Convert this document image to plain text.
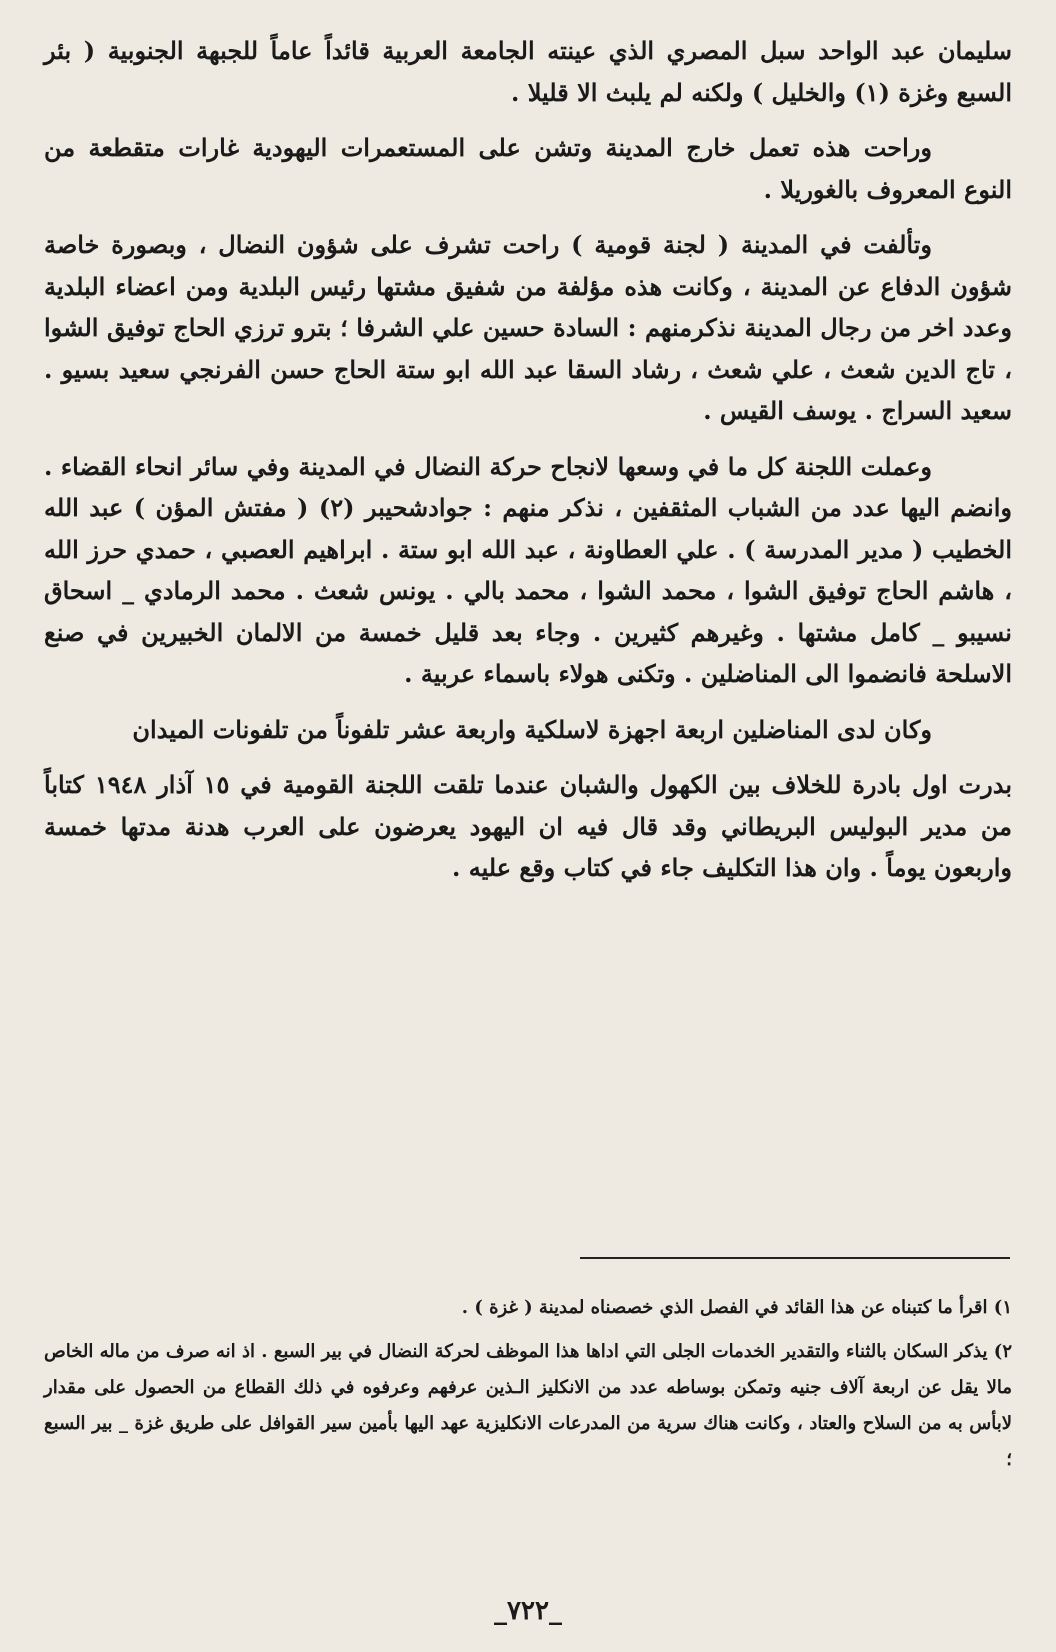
سليمان عبد الواحد سبل المصري الذي عينته الجامعة العربية قائداً عاماً للجبهة الجنوبية ( بئر السبع وغزة (١) والخليل ) ولكنه لم يلبث الا قليلا .

وراحت هذه تعمل خارج المدينة وتشن على المستعمرات اليهودية غارات متقطعة من النوع المعروف بالغوريلا .

وتألفت في المدينة ( لجنة قومية ) راحت تشرف على شؤون النضال ، وبصورة خاصة شؤون الدفاع عن المدينة ، وكانت هذه مؤلفة من شفيق مشتها رئيس البلدية ومن اعضاء البلدية وعدد اخر من رجال المدينة نذكرمنهم : السادة حسين علي الشرفا ؛ بترو ترزي الحاج توفيق الشوا ، تاج الدين شعث ، علي شعث ، رشاد السقا عبد الله ابو ستة الحاج حسن الفرنجي سعيد بسيو . سعيد السراج . يوسف القيس .

وعملت اللجنة كل ما في وسعها لانجاح حركة النضال في المدينة وفي سائر انحاء القضاء . وانضم اليها عدد من الشباب المثقفين ، نذكر منهم : جوادشحيبر (٢) ( مفتش المؤن ) عبد الله الخطيب ( مدير المدرسة ) . علي العطاونة ، عبد الله ابو ستة . ابراهيم العصبي ، حمدي حرز الله ، هاشم الحاج توفيق الشوا ، محمد الشوا ، محمد بالي . يونس شعث . محمد الرمادي _ اسحاق نسيبو _ كامل مشتها . وغيرهم كثيرين . وجاء بعد قليل خمسة من الالمان الخبيرين في صنع الاسلحة فانضموا الى المناضلين . وتكنى هولاء باسماء عربية .

وكان لدى المناضلين اربعة اجهزة لاسلكية واربعة عشر تلفوناً من تلفونات الميدان

بدرت اول بادرة للخلاف بين الكهول والشبان عندما تلقت اللجنة القومية في ١٥ آذار ١٩٤٨ كتاباً من مدير البوليس البريطاني وقد قال فيه ان اليهود يعرضون على العرب هدنة مدتها خمسة واربعون يوماً . وان هذا التكليف جاء في كتاب وقع عليه .

١) اقرأ ما كتبناه عن هذا القائد في الفصل الذي خصصناه لمدينة ( غزة ) .

٢) يذكر السكان بالثناء والتقدير الخدمات الجلى التي اداها هذا الموظف لحركة النضال في بير السبع . اذ انه صرف من ماله الخاص مالا يقل عن اربعة آلاف جنيه وتمكن بوساطه عدد من الانكليز الـذين عرفهم وعرفوه في ذلك القطاع من الحصول على مقدار لابأس به من السلاح والعتاد ، وكانت هناك سرية من المدرعات الانكليزية عهد اليها بأمين سير القوافل على طريق غزة _ بير السبع ؛

_٧٢٢_
